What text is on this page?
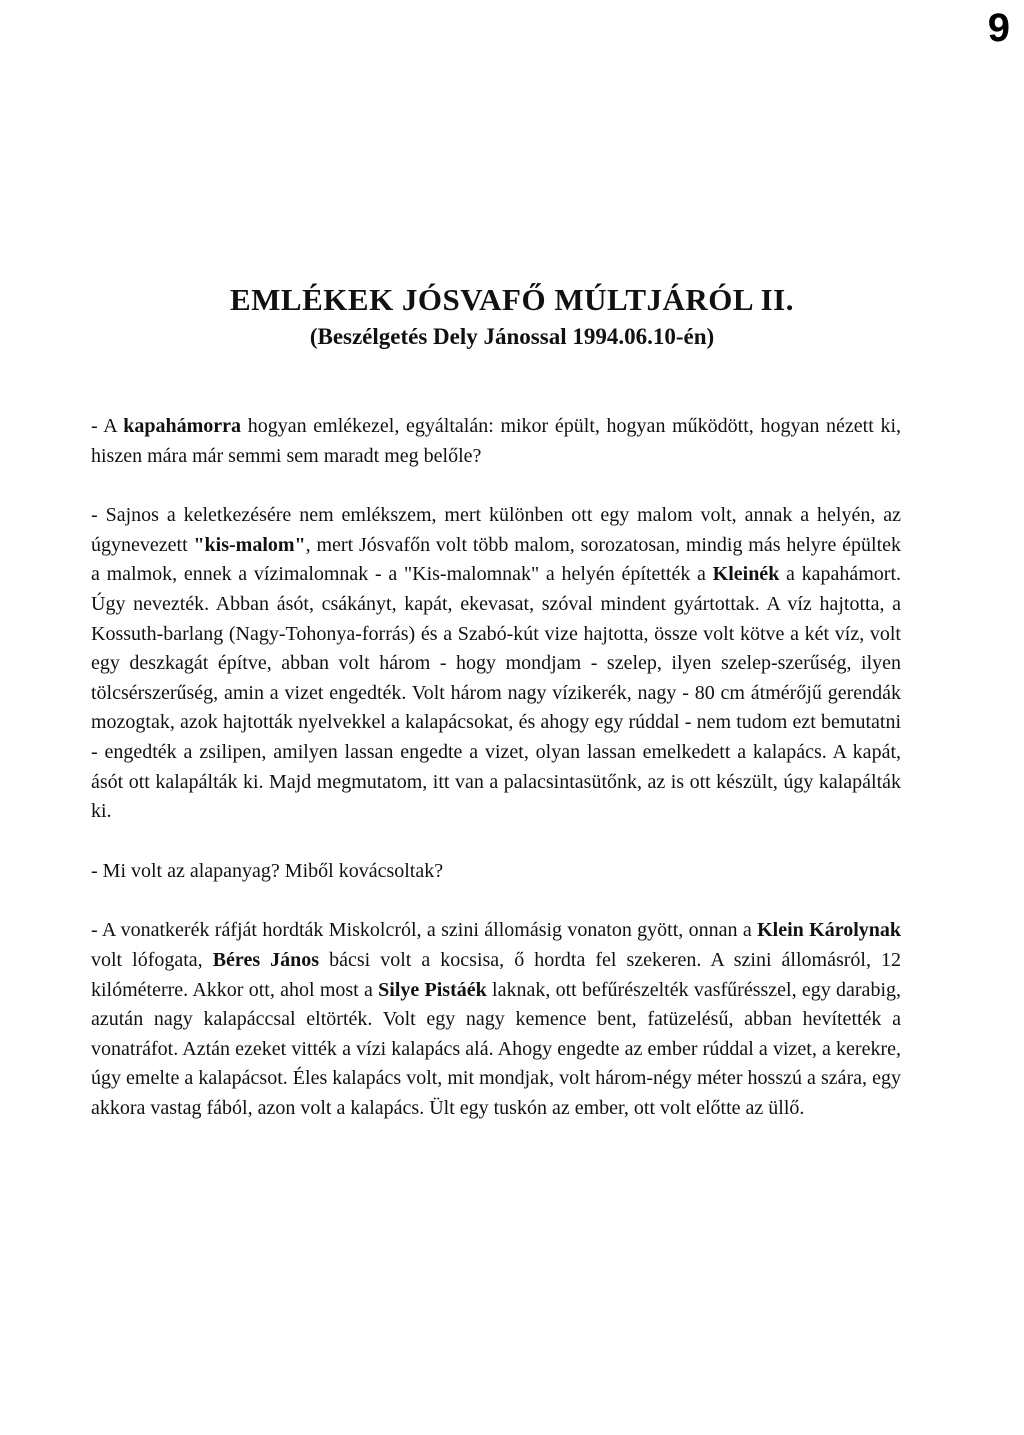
9
EMLÉKEK JÓSVAFŐ MÚLTJÁRÓL II.
(Beszélgetés Dely Jánossal 1994.06.10-én)

- A kapahámorra hogyan emlékezel, egyáltalán: mikor épült, hogyan működött, hogyan nézett ki, hiszen mára már semmi sem maradt meg belőle?

- Sajnos a keletkezésére nem emlékszem, mert különben ott egy malom volt, annak a helyén, az úgynevezett "kis-malom", mert Jósvafőn volt több malom, sorozatosan, mindig más helyre épültek a malmok, ennek a vízimalomnak - a "Kis-malomnak" a helyén építették a Kleinék a kapahámort. Úgy nevezték. Abban ásót, csákányt, kapát, ekevasat, szóval mindent gyártottak. A víz hajtotta, a Kossuth-barlang (Nagy-Tohonya-forrás) és a Szabó-kút vize hajtotta, össze volt kötve a két víz, volt egy deszkagát építve, abban volt három - hogy mondjam - szelep, ilyen szelep-szerűség, ilyen tölcsérszerűség, amin a vizet engedték. Volt három nagy vízikerék, nagy - 80 cm átmérőjű gerendák mozogtak, azok hajtották nyelvekkel a kalapácsokat, és ahogy egy rúddal - nem tudom ezt bemutatni - engedték a zsilipen, amilyen lassan engedte a vizet, olyan lassan emelkedett a kalapács. A kapát, ásót ott kalapálták ki. Majd megmutatom, itt van a palacsintasütőnk, az is ott készült, úgy kalapálták ki.

- Mi volt az alapanyag? Miből kovácsoltak?

- A vonatkerék ráfját hordták Miskolcról, a szini állomásig vonaton gyött, onnan a Klein Károlynak volt lófogata, Béres János bácsi volt a kocsisa, ő hordta fel szekeren. A szini állomásról, 12 kilóméterre. Akkor ott, ahol most a Silye Pistáék laknak, ott befűrészelték vasfűrésszel, egy darabig, azután nagy kalapáccsal eltörték. Volt egy nagy kemence bent, fatüzelésű, abban hevítették a vonatráfot. Aztán ezeket vitték a vízi kalapács alá. Ahogy engedte az ember rúddal a vizet, a kerekre, úgy emelte a kalapácsot. Éles kalapács volt, mit mondjak, volt három-négy méter hosszú a szára, egy akkora vastag fából, azon volt a kalapács. Ült egy tuskón az ember, ott volt előtte az üllő.
